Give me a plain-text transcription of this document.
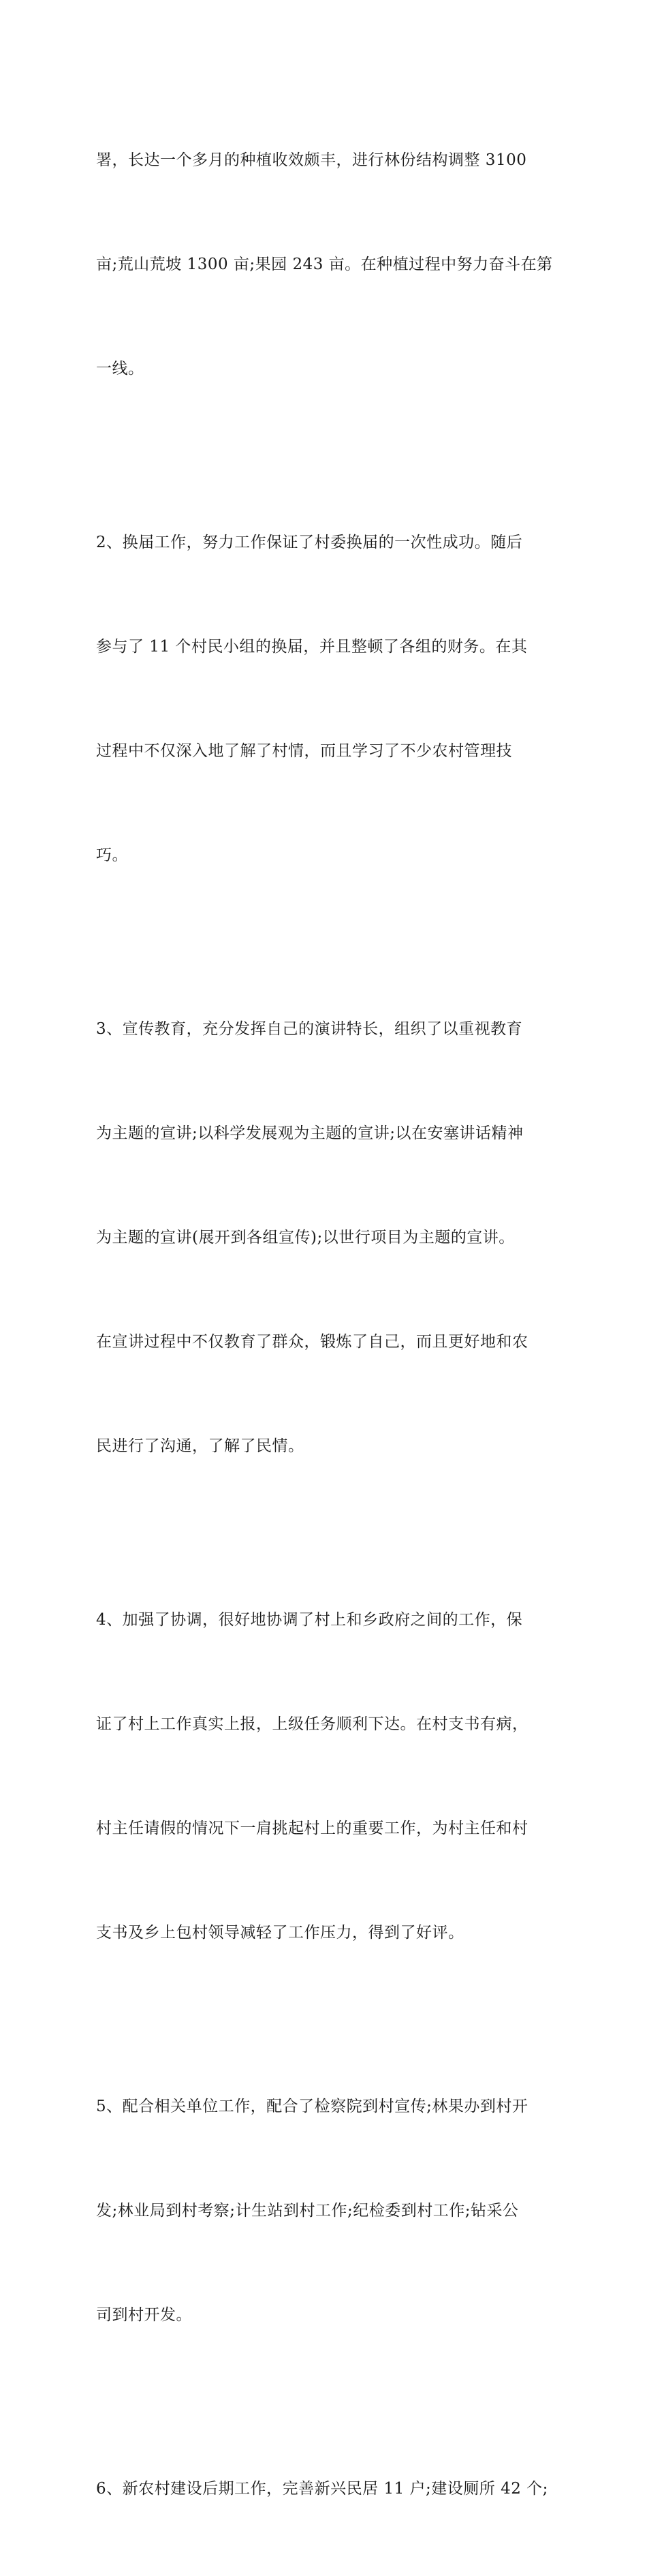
署，长达一个多月的种植收效颇丰，进行林份结构调整 3100

亩;荒山荒坡 1300 亩;果园 243 亩。在种植过程中努力奋斗在第

一线。

2、换届工作，努力工作保证了村委换届的一次性成功。随后

参与了 11 个村民小组的换届，并且整顿了各组的财务。在其

过程中不仅深入地了解了村情，而且学习了不少农村管理技

巧。

3、宣传教育，充分发挥自己的演讲特长，组织了以重视教育

为主题的宣讲;以科学发展观为主题的宣讲;以在安塞讲话精神

为主题的宣讲(展开到各组宣传);以世行项目为主题的宣讲。

在宣讲过程中不仅教育了群众，锻炼了自己，而且更好地和农

民进行了沟通，了解了民情。

4、加强了协调，很好地协调了村上和乡政府之间的工作，保

证了村上工作真实上报，上级任务顺利下达。在村支书有病，

村主任请假的情况下一肩挑起村上的重要工作，为村主任和村

支书及乡上包村领导减轻了工作压力，得到了好评。

5、配合相关单位工作，配合了检察院到村宣传;林果办到村开

发;林业局到村考察;计生站到村工作;纪检委到村工作;钻采公

司到村开发。

6、新农村建设后期工作，完善新兴民居 11 户;建设厕所 42 个;
